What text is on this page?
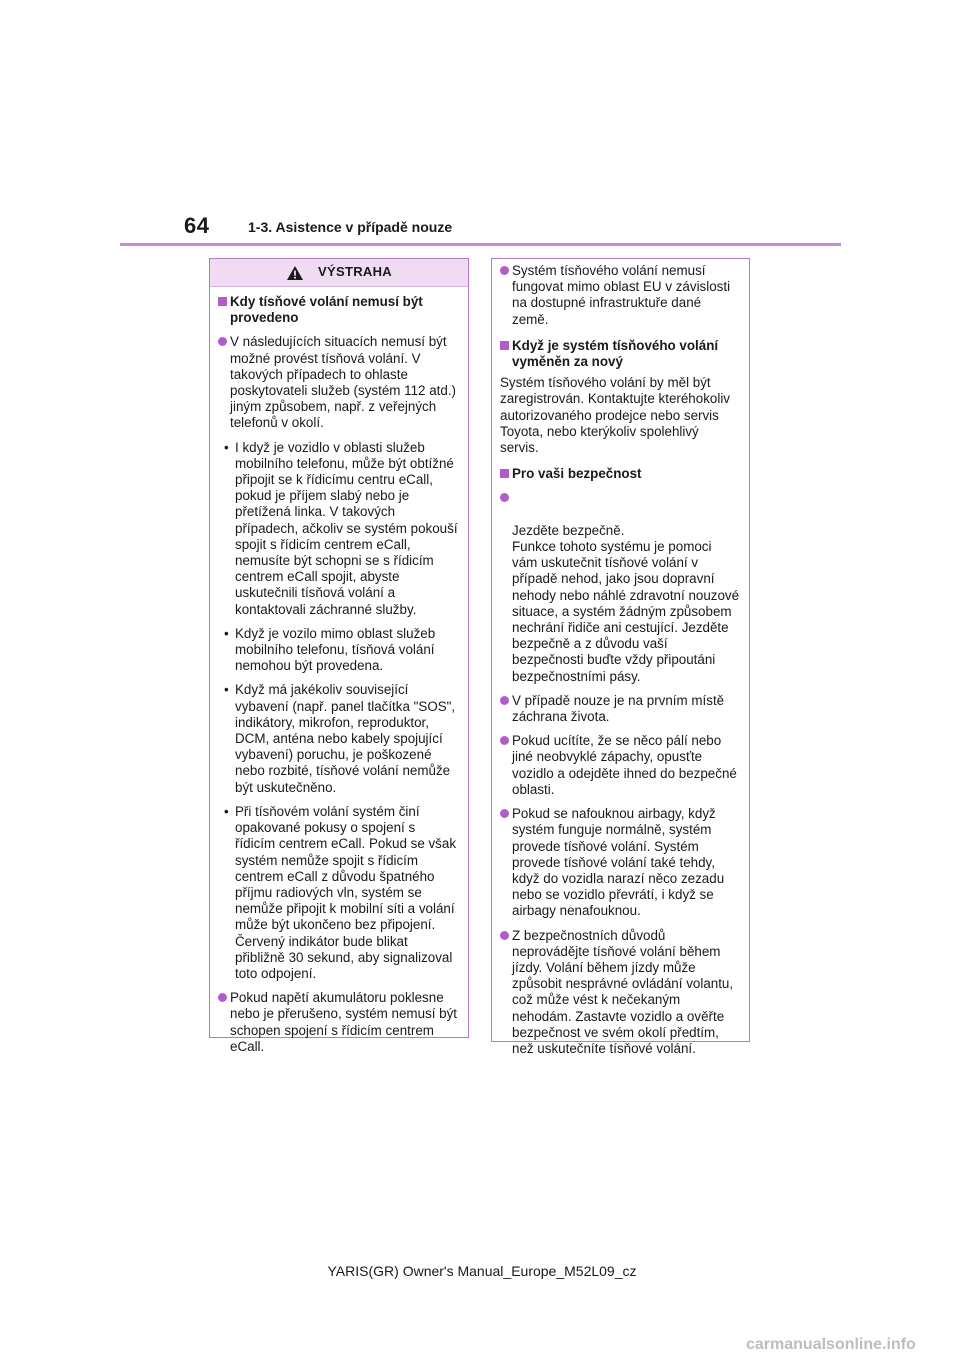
64	1-3. Asistence v případě nouze
VÝSTRAHA
Kdy tísňové volání nemusí být provedeno
V následujících situacích nemusí být možné provést tísňová volání. V takových případech to ohlaste poskytovateli služeb (systém 112 atd.) jiným způsobem, např. z veřejných telefonů v okolí.
• I když je vozidlo v oblasti služeb mobilního telefonu, může být obtížné připojit se k řídicímu centru eCall, pokud je příjem slabý nebo je přetížená linka. V takových případech, ačkoliv se systém pokouší spojit s řídicím centrem eCall, nemusíte být schopni se s řídicím centrem eCall spojit, abyste uskutečnili tísňová volání a kontaktovali záchranné služby.
• Když je vozilo mimo oblast služeb mobilního telefonu, tísňová volání nemohou být provedena.
• Když má jakékoliv související vybavení (např. panel tlačítka "SOS", indikátory, mikrofon, reproduktor, DCM, anténa nebo kabely spojující vybavení) poruchu, je poškozené nebo rozbité, tísňové volání nemůže být uskutečněno.
• Při tísňovém volání systém činí opakované pokusy o spojení s řídicím centrem eCall. Pokud se však systém nemůže spojit s řídicím centrem eCall z důvodu špatného příjmu radiových vln, systém se nemůže připojit k mobilní síti a volání může být ukončeno bez připojení. Červený indikátor bude blikat přibližně 30 sekund, aby signalizoval toto odpojení.
Pokud napětí akumulátoru poklesne nebo je přerušeno, systém nemusí být schopen spojení s řídicím centrem eCall.
Systém tísňového volání nemusí fungovat mimo oblast EU v závislosti na dostupné infrastruktuře dané země.
Když je systém tísňového volání vyměněn za nový
Systém tísňového volání by měl být zaregistrován. Kontaktujte kteréhokoliv autorizovaného prodejce nebo servis Toyota, nebo kterýkoliv spolehlivý servis.
Pro vaši bezpečnost

Jezděte bezpečně.
Funkce tohoto systému je pomoci vám uskutečnit tísňové volání v případě nehod, jako jsou dopravní nehody nebo náhlé zdravotní nouzové situace, a systém žádným způsobem nechrání řidiče ani cestující. Jezděte bezpečně a z důvodu vaší bezpečnosti buďte vždy připoutáni bezpečnostními pásy.

V případě nouze je na prvním místě záchrana života.
Pokud ucítíte, že se něco pálí nebo jiné neobvyklé zápachy, opusťte vozidlo a odejděte ihned do bezpečné oblasti.
Pokud se nafouknou airbagy, když systém funguje normálně, systém provede tísňové volání. Systém provede tísňové volání také tehdy, když do vozidla narazí něco zezadu nebo se vozidlo převrátí, i když se airbagy nenafouknou.
Z bezpečnostních důvodů neprovádějte tísňové volání během jízdy. Volání během jízdy může způsobit nesprávné ovládání volantu, což může vést k nečekaným nehodám. Zastavte vozidlo a ověřte bezpečnost ve svém okolí předtím, než uskutečníte tísňové volání.
YARIS(GR) Owner's Manual_Europe_M52L09_cz
carmanualsonline.info
